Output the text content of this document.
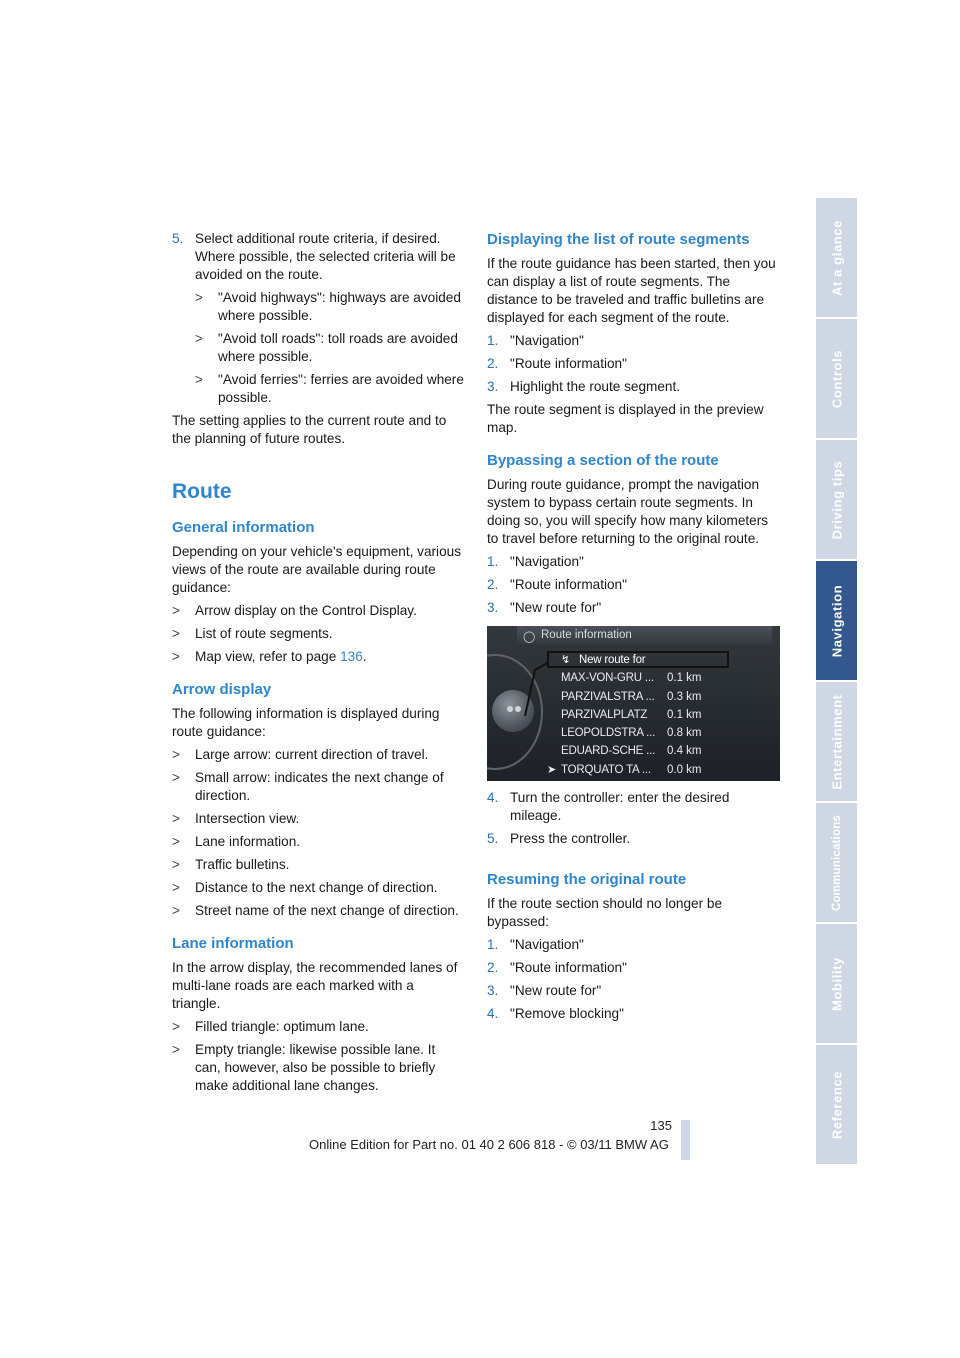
5. Select additional route criteria, if desired. Where possible, the selected criteria will be avoided on the route.
> "Avoid highways": highways are avoided where possible.
> "Avoid toll roads": toll roads are avoided where possible.
> "Avoid ferries": ferries are avoided where possible.

The setting applies to the current route and to the planning of future routes.

Route
General information

Depending on your vehicle's equipment, various views of the route are available during route guidance:

> Arrow display on the Control Display.
> List of route segments.
> Map view, refer to page 136.
Arrow display

The following information is displayed during route guidance:

> Large arrow: current direction of travel.
> Small arrow: indicates the next change of direction.
> Intersection view.
> Lane information.
> Traffic bulletins.
> Distance to the next change of direction.
> Street name of the next change of direction.
Lane information

In the arrow display, the recommended lanes of multi-lane roads are each marked with a triangle.

> Filled triangle: optimum lane.
> Empty triangle: likewise possible lane. It can, however, also be possible to briefly make additional lane changes.
Displaying the list of route segments

If the route guidance has been started, then you can display a list of route segments. The distance to be traveled and traffic bulletins are displayed for each segment of the route.

1. "Navigation"
2. "Route information"
3. Highlight the route segment.

The route segment is displayed in the preview map.

Bypassing a section of the route

During route guidance, prompt the navigation system to bypass certain route segments. In doing so, you will specify how many kilometers to travel before returning to the original route.

1. "Navigation"
2. "Route information"
3. "New route for"
◯ Route information
↯ New route for
MAX-VON-GRU ... 0.1 km
PARZIVALSTRA ... 0.3 km
PARZIVALPLATZ 0.1 km
LEOPOLDSTRA ... 0.8 km
EDUARD-SCHE ... 0.4 km
➤ TORQUATO TA ... 0.0 km
4. Turn the controller: enter the desired mileage.
5. Press the controller.
Resuming the original route

If the route section should no longer be bypassed:

1. "Navigation"
2. "Route information"
3. "New route for"
4. "Remove blocking"
At a glance
Controls
Driving tips
Navigation
Entertainment
Communications
Mobility
Reference
135
Online Edition for Part no. 01 40 2 606 818 - © 03/11 BMW AG
